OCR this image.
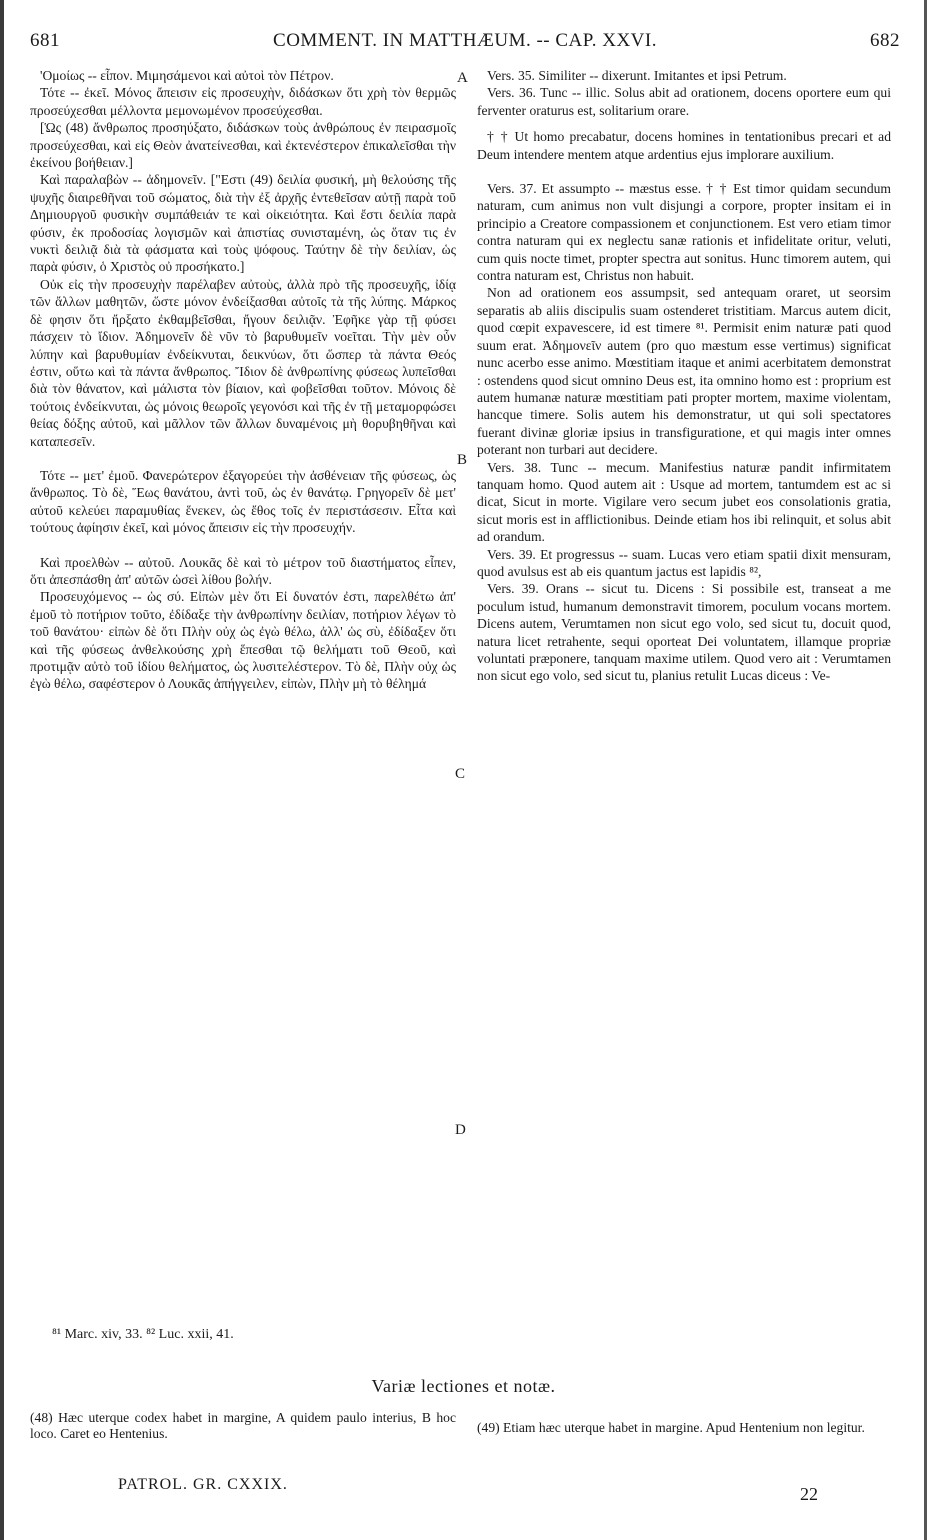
681	COMMENT. IN MATTHÆUM. -- CAP. XXVI.	682
A
B
C
D

'Ομοίως -- εἶπον. Μιμησάμενοι καὶ αὐτοὶ τὸν Πέτρον.

Τότε -- ἐκεῖ. Μόνος ἄπεισιν εἰς προσευχὴν, διδάσκων ὅτι χρὴ τὸν θερμῶς προσεύχεσθαι μέλλοντα μεμονωμένον προσεύχεσθαι.

[Ὡς (48) ἄνθρωπος προσηύξατο, διδάσκων τοὺς ἀνθρώπους ἐν πειρασμοῖς προσεύχεσθαι, καὶ εἰς Θεὸν ἀνατείνεσθαι, καὶ ἐκτενέστερον ἐπικαλεῖσθαι τὴν ἐκείνου βοήθειαν.]

Καὶ παραλαβὼν -- ἀδημονεῖν. ["Εστι (49) δειλία φυσική, μὴ θελούσης τῆς ψυχῆς διαιρεθῆναι τοῦ σώματος, διὰ τὴν ἐξ ἀρχῆς ἐντεθεῖσαν αὐτῇ παρὰ τοῦ Δημιουργοῦ φυσικὴν συμπάθειάν τε καὶ οἰκειότητα. Καὶ ἔστι δειλία παρὰ φύσιν, ἐκ προδοσίας λογισμῶν καὶ ἀπιστίας συνισταμένη, ὡς ὅταν τις ἐν νυκτὶ δειλιᾷ διὰ τὰ φάσματα καὶ τοὺς ψόφους. Ταύτην δὲ τὴν δειλίαν, ὡς παρὰ φύσιν, ὁ Χριστὸς οὐ προσήκατο.]

Οὐκ εἰς τὴν προσευχὴν παρέλαβεν αὐτοὺς, ἀλλὰ πρὸ τῆς προσευχῆς, ἰδίᾳ τῶν ἄλλων μαθητῶν, ὥστε μόνον ἐνδείξασθαι αὐτοῖς τὰ τῆς λύπης. Μάρκος δὲ φησιν ὅτι ἤρξατο ἐκθαμβεῖσθαι, ἤγουν δειλιᾷν. Ἐφῆκε γὰρ τῇ φύσει πάσχειν τὸ ἴδιον. Ἀδημονεῖν δὲ νῦν τὸ βαρυθυμεῖν νοεῖται. Τὴν μὲν οὖν λύπην καὶ βαρυθυμίαν ἐνδείκνυται, δεικνύων, ὅτι ὥσπερ τὰ πάντα Θεός ἐστιν, οὕτω καὶ τὰ πάντα ἄνθρωπος. Ἴδιον δὲ ἀνθρωπίνης φύσεως λυπεῖσθαι διὰ τὸν θάνατον, καὶ μάλιστα τὸν βίαιον, καὶ φοβεῖσθαι τοῦτον. Μόνοις δὲ τούτοις ἐνδείκνυται, ὡς μόνοις θεωροῖς γεγονόσι καὶ τῆς ἐν τῇ μεταμορφώσει θείας δόξης αὐτοῦ, καὶ μᾶλλον τῶν ἄλλων δυναμένοις μὴ θορυβηθῆναι καὶ καταπεσεῖν.

Τότε -- μετ' ἐμοῦ. Φανερώτερον ἐξαγορεύει τὴν ἀσθένειαν τῆς φύσεως, ὡς ἄνθρωπος. Τὸ δὲ, Ἕως θανάτου, ἀντὶ τοῦ, ὡς ἐν θανάτῳ. Γρηγορεῖν δὲ μετ' αὐτοῦ κελεύει παραμυθίας ἕνεκεν, ὡς ἔθος τοῖς ἐν περιστάσεσιν. Εἶτα καὶ τούτους ἀφίησιν ἐκεῖ, καὶ μόνος ἄπεισιν εἰς τὴν προσευχήν.

Καὶ προελθὼν -- αὐτοῦ. Λουκᾶς δὲ καὶ τὸ μέτρον τοῦ διαστήματος εἶπεν, ὅτι ἀπεσπάσθη ἀπ' αὐτῶν ὡσεὶ λίθου βολήν.

Προσευχόμενος -- ὡς σύ. Εἰπὼν μὲν ὅτι Εἰ δυνατόν ἐστι, παρελθέτω ἀπ' ἐμοῦ τὸ ποτήριον τοῦτο, ἐδίδαξε τὴν ἀνθρωπίνην δειλίαν, ποτήριον λέγων τὸ τοῦ θανάτου· εἰπὼν δὲ ὅτι Πλὴν οὐχ ὡς ἐγὼ θέλω, ἀλλ' ὡς σὺ, ἐδίδαξεν ὅτι καὶ τῆς φύσεως ἀνθελκούσης χρὴ ἕπεσθαι τῷ θελήματι τοῦ Θεοῦ, καὶ προτιμᾷν αὐτὸ τοῦ ἰδίου θελήματος, ὡς λυσιτελέστερον. Τὸ δὲ, Πλὴν οὐχ ὡς ἐγὼ θέλω, σαφέστερον ὁ Λουκᾶς ἀπήγγειλεν, εἰπὼν, Πλὴν μὴ τὸ θέλημά

Vers. 35. Similiter -- dixerunt. Imitantes et ipsi Petrum.

Vers. 36. Tunc -- illic. Solus abit ad orationem, docens oportere eum qui ferventer oraturus est, solitarium orare.

† † Ut homo precabatur, docens homines in tentationibus precari et ad Deum intendere mentem atque ardentius ejus implorare auxilium.

Vers. 37. Et assumpto -- mæstus esse. † † Est timor quidam secundum naturam, cum animus non vult disjungi a corpore, propter insitam ei in principio a Creatore compassionem et conjunctionem. Est vero etiam timor contra naturam qui ex neglectu sanæ rationis et infidelitate oritur, veluti, cum quis nocte timet, propter spectra aut sonitus. Hunc timorem autem, qui contra naturam est, Christus non habuit.

Non ad orationem eos assumpsit, sed antequam oraret, ut seorsim separatis ab aliis discipulis suam ostenderet tristitiam. Marcus autem dicit, quod cœpit expavescere, id est timere ⁸¹. Permisit enim naturæ pati quod suum erat. Ἀδημονεῖν autem (pro quo mæstum esse vertimus) significat nunc acerbo esse animo. Mœstitiam itaque et animi acerbitatem demonstrat : ostendens quod sicut omnino Deus est, ita omnino homo est : proprium est autem humanæ naturæ mœstitiam pati propter mortem, maxime violentam, hancque timere. Solis autem his demonstratur, ut qui soli spectatores fuerant divinæ gloriæ ipsius in transfiguratione, et qui magis inter omnes poterant non turbari aut decidere.

Vers. 38. Tunc -- mecum. Manifestius naturæ pandit infirmitatem tanquam homo. Quod autem ait : Usque ad mortem, tantumdem est ac si dicat, Sicut in morte. Vigilare vero secum jubet eos consolationis gratia, sicut moris est in afflictionibus. Deinde etiam hos ibi relinquit, et solus abit ad orandum.

Vers. 39. Et progressus -- suam. Lucas vero etiam spatii dixit mensuram, quod avulsus est ab eis quantum jactus est lapidis ⁸²,

Vers. 39. Orans -- sicut tu. Dicens : Si possibile est, transeat a me poculum istud, humanum demonstravit timorem, poculum vocans mortem. Dicens autem, Verumtamen non sicut ego volo, sed sicut tu, docuit quod, natura licet retrahente, sequi oporteat Dei voluntatem, illamque propriæ voluntati præponere, tanquam maxime utilem. Quod vero ait : Verumtamen non sicut ego volo, sed sicut tu, planius retulit Lucas diceus : Ve-

⁸¹ Marc. xiv, 33. ⁸² Luc. xxii, 41.
Variæ lectiones et notæ.
(48) Hæc uterque codex habet in margine, A quidem paulo interius, B hoc loco. Caret eo Hentenius.	(49) Etiam hæc uterque habet in margine. Apud Hentenium non legitur.
PATROL. GR. CXXIX.	22
